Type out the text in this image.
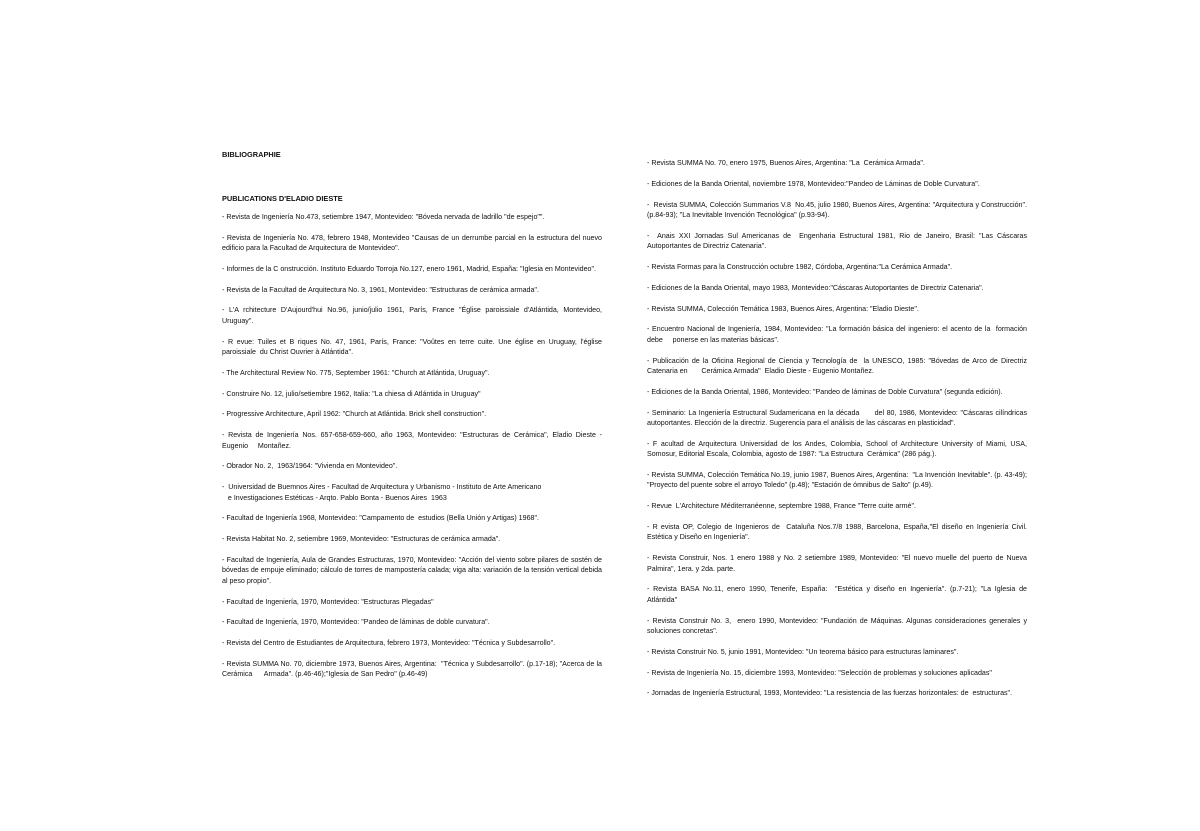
BIBLIOGRAPHIE

PUBLICATIONS D'ELADIO DIESTE

- Revista de Ingeniería No.473, setiembre 1947, Montevideo: "Bóveda nervada de ladrillo "de espejo"".
- Revista de Ingeniería No. 478, febrero 1948, Montevideo "Causas de un derrumbe parcial en la estructura del nuevo edificio para la Facultad de Arquitectura de Montevideo".
- Informes de la C onstrucción. Instituto Eduardo Torroja No.127, enero 1961, Madrid, España: "Iglesia en Montevideo".
- Revista de la Facultad de Arquitectura No. 3, 1961, Montevideo: "Estructuras de cerámica armada".
- L'A rchitecture D'Aujourd'hui No.96, junio/julio 1961, París, France "Église paroissiale d'Atlántida, Montevideo, Uruguay".
- R evue: Tuiles et B riques No. 47, 1961, París, France: "Voûtes en terre cuite. Une église en Uruguay, l'église paroissiale  du Christ Ouvrier à Atlántida".
- The Architectural Review No. 775, September 1961: "Church at Atlántida, Uruguay".
- Construire No. 12, julio/setiembre 1962, Italia: "La chiesa di Atlántida in Uruguay"
- Progressive Architecture, April 1962: "Church at Atlántida. Brick shell construction".
- Revista de Ingeniería Nos. 657-658-659-660, año 1963, Montevideo: "Estructuras de Cerámica", Eladio Dieste - Eugenio     Montañez.
- Obrador No. 2,  1963/1964: "Vivienda en Montevideo".
-  Universidad de Buemnos Aires - Facultad de Arquitectura y Urbanismo - Instituto de Arte Americano
e Investigaciones Estéticas - Arqto. Pablo Bonta - Buenos Aires  1963
- Facultad de Ingeniería 1968, Montevideo: "Campamento de  estudios (Bella Unión y Artigas) 1968".
- Revista Habitat No. 2, setiembre 1969, Montevideo: "Estructuras de cerámica armada".
- Facultad de Ingeniería, Aula de Grandes Estructuras, 1970, Montevideo: "Acción del viento sobre pilares de sostén de bóvedas de empuje eliminado; cálculo de torres de mampostería calada; viga alta: variación de la tensión vertical debida al peso propio".
- Facultad de Ingeniería, 1970, Montevideo: "Estructuras Plegadas"
- Facultad de Ingeniería, 1970, Montevideo: "Pandeo de láminas de doble curvatura".
- Revista del Centro de Estudiantes de Arquitectura, febrero 1973, Montevideo: "Técnica y Subdesarrollo".
- Revista SUMMA No. 70, diciembre 1973, Buenos Aires, Argentina:  "Técnica y Subdesarrollo". (p.17-18); "Acerca de la Cerámica      Armada". (p.46-46);"Iglesia de San Pedro" (p.46-49)
- Revista SUMMA No. 70, enero 1975, Buenos Aires, Argentina: "La  Cerámica Armada".
- Ediciones de la Banda Oriental, noviembre 1978, Montevideo:"Pandeo de Láminas de Doble Curvatura".
-  Revista SUMMA, Colección Summarios V.8  No.45, julio 1980, Buenos Aires, Argentina: "Arquitectura y Construcción". (p.84-93); "La Inevitable Invención Tecnológica" (p.93-94).
-  Anais XXI Jornadas Sul Americanas de  Engenharia Estructural 1981, Rio de Janeiro, Brasil: "Las Cáscaras Autoportantes de Directriz Catenaria".
- Revista Formas para la Construcción octubre 1982, Córdoba, Argentina:"La Cerámica Armada".
- Ediciones de la Banda Oriental, mayo 1983, Montevideo:"Cáscaras Autoportantes de Directriz Catenaria".
- Revista SUMMA, Colección Temática 1983, Buenos Aires, Argentina: "Eladio Dieste".
- Encuentro Nacional de Ingeniería, 1984, Montevideo: "La formación básica del ingeniero: el acento de la  formación debe     ponerse en las materias básicas".
- Publicación de la Oficina Regional de Ciencia y Tecnología de  la UNESCO, 1985: "Bóvedas de Arco de Directriz Catenaria en       Cerámica Armada"  Eladio Dieste - Eugenio Montañez.
- Ediciones de la Banda Oriental, 1986, Montevideo: "Pandeo de láminas de Doble Curvatura" (segunda edición).
- Seminario: La Ingeniería Estructural Sudamericana en la década      del 80, 1986, Montevideo: "Cáscaras cilíndricas autoportantes. Elección de la directriz. Sugerencia para el análisis de las cáscaras en plasticidad".
- F acultad de Arquitectura Universidad de los Andes, Colombia, School of Architecture University of Miami, USA, Somosur, Editorial Escala, Colombia, agosto de 1987: "La Estructura  Cerámica" (286 pág.).
- Revista SUMMA, Colección Temática No.19, junio 1987, Buenos Aires, Argentina:  "La Invención Inevitable". (p. 43-49); "Proyecto del puente sobre el arroyo Toledo" (p.48); "Estación de ómnibus de Salto" (p.49).
- Revue  L'Architecture Méditerranéenne, septembre 1988, France "Terre cuite armé".
- R evista OP, Colegio de Ingenieros de  Cataluña Nos.7/8 1988, Barcelona, España,"El diseño en Ingeniería Civil. Estética y Diseño en Ingeniería".
- Revista Construir, Nos. 1 enero 1988 y No. 2 setiembre 1989, Montevideo: "El nuevo muelle del puerto de Nueva Palmira", 1era. y 2da. parte.
- Revista BASA No.11, enero 1990, Tenerife, España:  "Estética y diseño en Ingeniería". (p.7-21); "La Iglesia de Atlántida"
- Revista Construir No. 3,  enero 1990, Montevideo: "Fundación de Máquinas. Algunas consideraciones generales y soluciones concretas".
- Revista Construir No. 5, junio 1991, Montevideo: "Un teorema básico para estructuras laminares".
- Revista de Ingeniería No. 15, diciembre 1993, Montevideo: "Selección de problemas y soluciones aplicadas"
- Jornadas de Ingeniería Estructural, 1993, Montevideo: "La resistencia de las fuerzas horizontales: de  estructuras".
